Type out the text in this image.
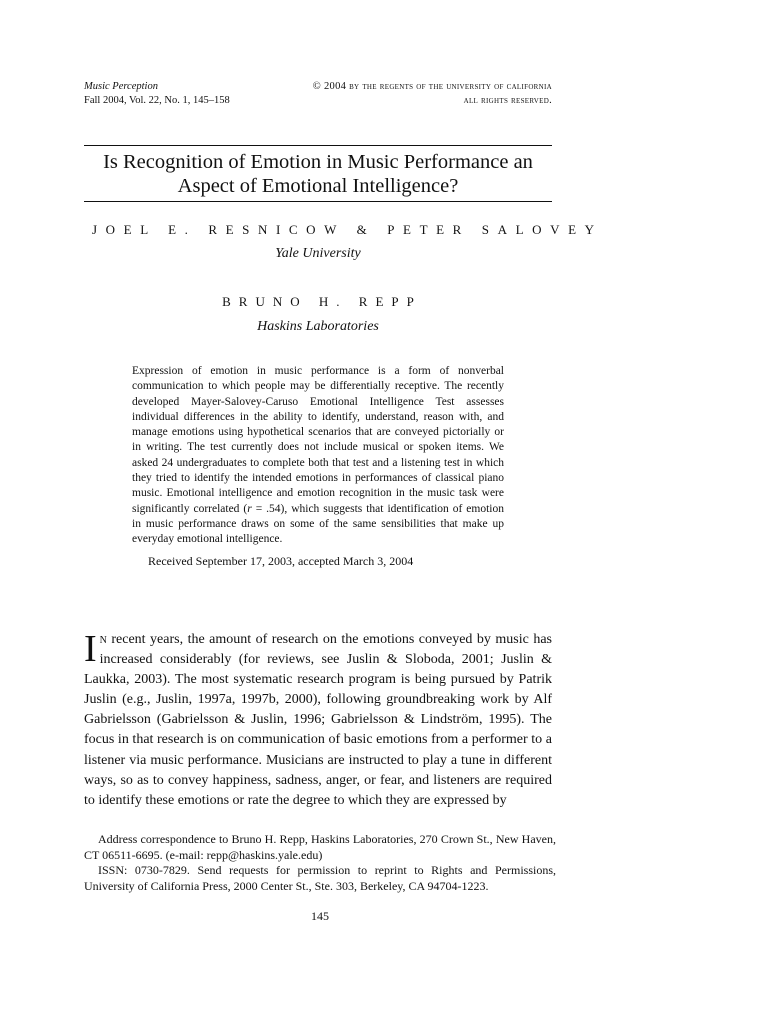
Music Perception
Fall 2004, Vol. 22, No. 1, 145–158
© 2004 by the regents of the university of california
all rights reserved.
Is Recognition of Emotion in Music Performance an Aspect of Emotional Intelligence?
JOEL E. RESNICOW & PETER SALOVEY
Yale University
BRUNO H. REPP
Haskins Laboratories
Expression of emotion in music performance is a form of nonverbal communication to which people may be differentially receptive. The recently developed Mayer-Salovey-Caruso Emotional Intelligence Test assesses individual differences in the ability to identify, understand, reason with, and manage emotions using hypothetical scenarios that are conveyed pictorially or in writing. The test currently does not include musical or spoken items. We asked 24 undergraduates to complete both that test and a listening test in which they tried to identify the intended emotions in performances of classical piano music. Emotional intelligence and emotion recognition in the music task were significantly correlated (r = .54), which suggests that identification of emotion in music performance draws on some of the same sensibilities that make up everyday emotional intelligence.
Received September 17, 2003, accepted March 3, 2004
In recent years, the amount of research on the emotions conveyed by music has increased considerably (for reviews, see Juslin & Sloboda, 2001; Juslin & Laukka, 2003). The most systematic research program is being pursued by Patrik Juslin (e.g., Juslin, 1997a, 1997b, 2000), following groundbreaking work by Alf Gabrielsson (Gabrielsson & Juslin, 1996; Gabrielsson & Lindström, 1995). The focus in that research is on communication of basic emotions from a performer to a listener via music performance. Musicians are instructed to play a tune in different ways, so as to convey happiness, sadness, anger, or fear, and listeners are required to identify these emotions or rate the degree to which they are expressed by

Address correspondence to Bruno H. Repp, Haskins Laboratories, 270 Crown St., New Haven, CT 06511-6695. (e-mail: repp@haskins.yale.edu)

ISSN: 0730-7829. Send requests for permission to reprint to Rights and Permissions, University of California Press, 2000 Center St., Ste. 303, Berkeley, CA 94704-1223.

145
